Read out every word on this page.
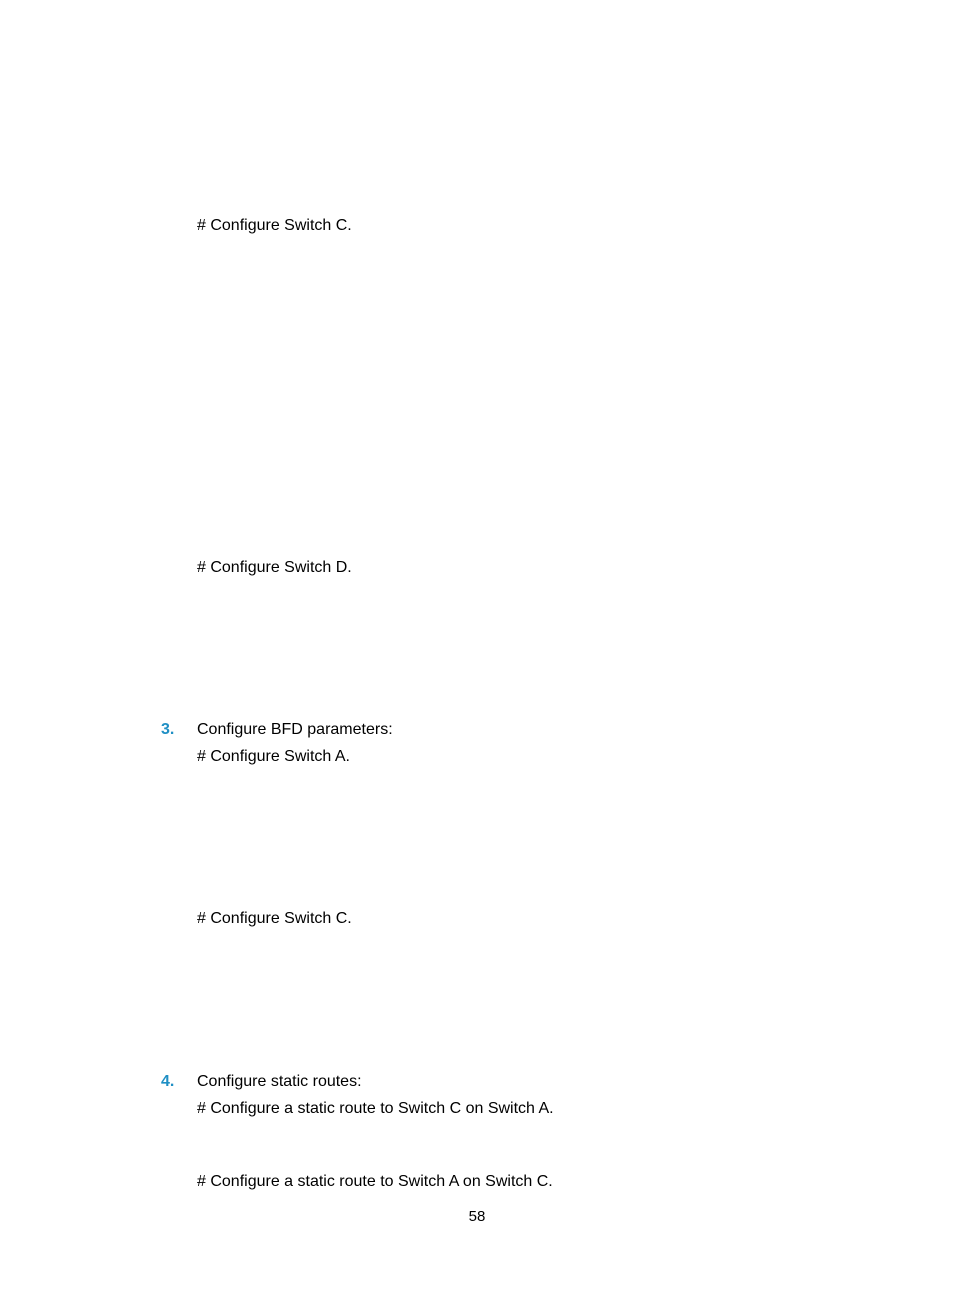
# Configure Switch C.
# Configure Switch D.
3. Configure BFD parameters:
# Configure Switch A.
# Configure Switch C.
4. Configure static routes:
# Configure a static route to Switch C on Switch A.
# Configure a static route to Switch A on Switch C.
58
